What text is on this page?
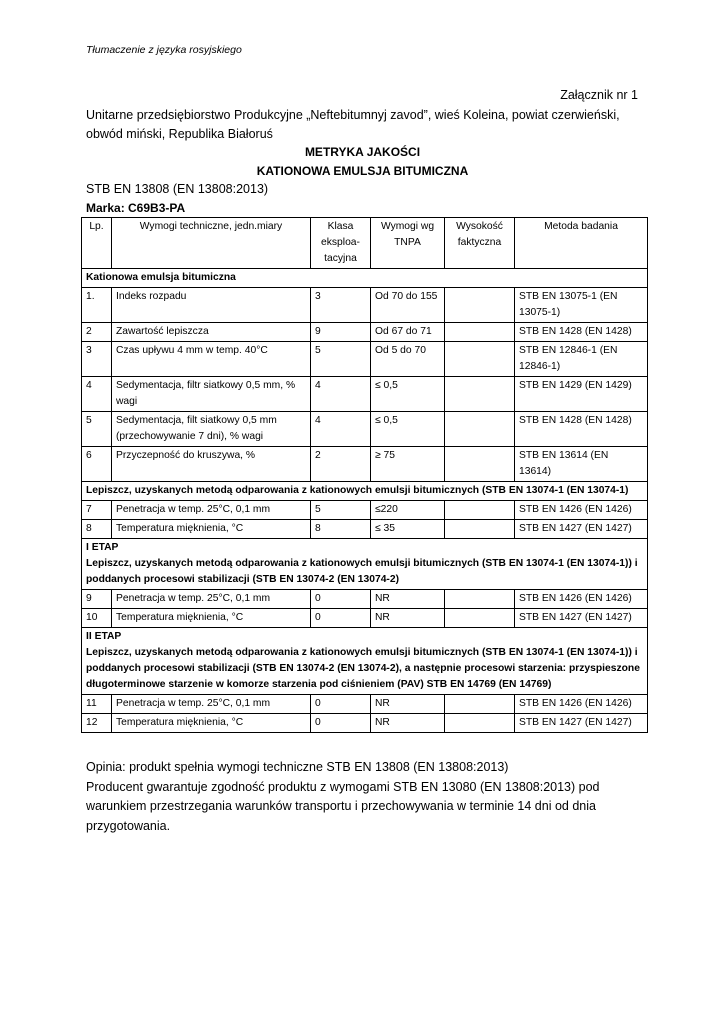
Tłumaczenie z języka rosyjskiego
Załącznik nr 1
Unitarne przedsiębiorstwo Produkcyjne „Neftebitumnyj zavod”, wieś Koleina, powiat czerwieński, obwód miński, Republika Białoruś
METRYKA JAKOŚCI
KATIONOWA EMULSJA BITUMICZNA
STB EN 13808 (EN 13808:2013)
Marka: C69B3-PA
Lp.	Wymogi techniczne, jedn.miary	Klasa eksploa-tacyjna	Wymogi wg TNPA	Wysokość faktyczna	Metoda badania

Kationowa emulsja bitumiczna					

1.	Indeks rozpadu	3	Od 70 do 155		STB EN 13075-1 (EN 13075-1)
2	Zawartość lepiszcza	9	Od 67 do 71		STB EN 1428 (EN 1428)
3	Czas upływu 4 mm w temp. 40°C	5	Od 5 do 70		STB EN 12846-1 (EN 12846-1)
4	Sedymentacja, filtr siatkowy 0,5 mm, % wagi	4	≤ 0,5		STB EN 1429 (EN 1429)
5	Sedymentacja, filt siatkowy 0,5 mm (przechowywanie 7 dni), % wagi	4	≤ 0,5		STB EN 1428 (EN 1428)
6	Przyczepność do kruszywa, %	2	≥ 75		STB EN 13614 (EN 13614)

Lepiszcz, uzyskanych metodą odparowania z kationowych emulsji bitumicznych (STB EN 13074-1 (EN 13074-1)					

7	Penetracja w temp. 25°C, 0,1 mm	5	≤220		STB EN 1426 (EN 1426)
8	Temperatura mięknienia, °C	8	≤ 35		STB EN 1427 (EN 1427)

I ETAP
Lepiszcz, uzyskanych metodą odparowania z kationowych emulsji bitumicznych (STB EN 13074-1 (EN 13074-1)) i poddanych procesowi stabilizacji (STB EN 13074-2 (EN 13074-2)					

9	Penetracja w temp. 25°C, 0,1 mm	0	NR		STB EN 1426 (EN 1426)
10	Temperatura mięknienia, °C	0	NR		STB EN 1427 (EN 1427)

II ETAP
Lepiszcz, uzyskanych metodą odparowania z kationowych emulsji bitumicznych (STB EN 13074-1 (EN 13074-1)) i poddanych procesowi stabilizacji (STB EN 13074-2 (EN 13074-2), a następnie procesowi starzenia: przyspieszone długoterminowe starzenie w komorze starzenia pod ciśnieniem (PAV) STB EN 14769 (EN 14769)					

11	Penetracja w temp. 25°C, 0,1 mm	0	NR		STB EN 1426 (EN 1426)
12	Temperatura mięknienia, °C	0	NR		STB EN 1427 (EN 1427)
Opinia: produkt spełnia wymogi techniczne STB EN 13808 (EN 13808:2013)
Producent gwarantuje zgodność produktu z wymogami STB EN 13080 (EN 13808:2013) pod warunkiem przestrzegania warunków transportu i przechowywania w terminie 14 dni od dnia przygotowania.
